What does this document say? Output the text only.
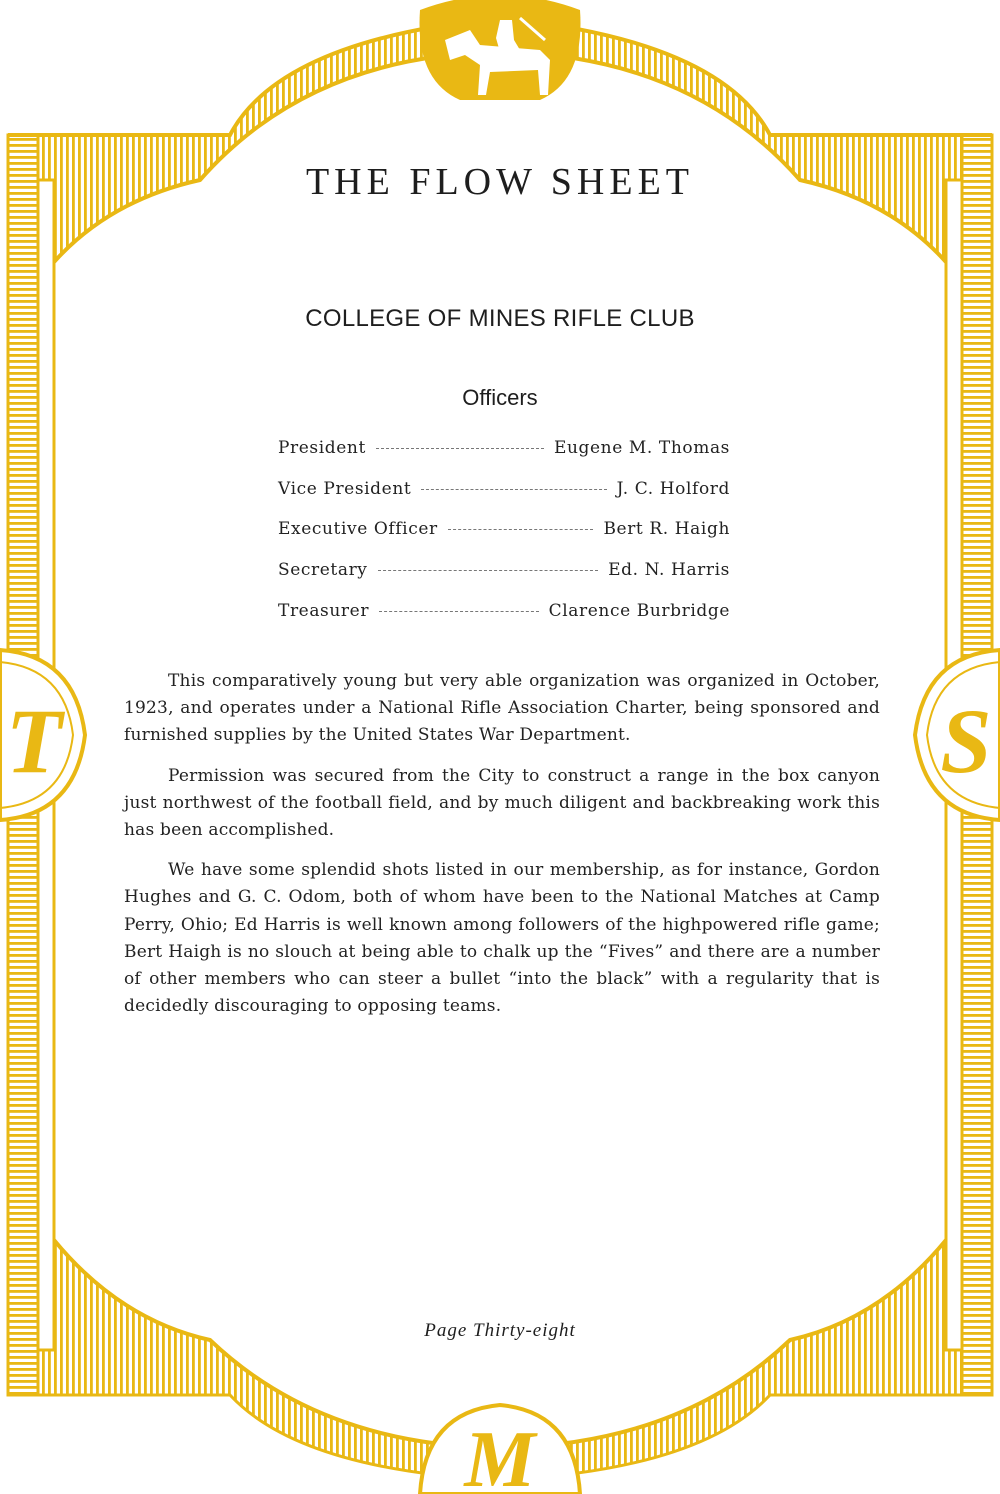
T	S
M
THE FLOW SHEET
COLLEGE OF MINES RIFLE CLUB
Officers
President	Eugene M. Thomas
Vice President	J. C. Holford
Executive Officer	Bert R. Haigh
Secretary	Ed. N. Harris
Treasurer	Clarence Burbridge

This comparatively young but very able organization was organized in October, 1923, and operates under a National Rifle Association Charter, being sponsored and furnished supplies by the United States War Department.

Permission was secured from the City to construct a range in the box canyon just northwest of the football field, and by much diligent and backbreaking work this has been accomplished.

We have some splendid shots listed in our membership, as for instance, Gordon Hughes and G. C. Odom, both of whom have been to the National Matches at Camp Perry, Ohio; Ed Harris is well known among followers of the highpowered rifle game; Bert Haigh is no slouch at being able to chalk up the “Fives” and there are a number of other members who can steer a bullet “into the black” with a regularity that is decidedly discouraging to opposing teams.

Page Thirty-eight
